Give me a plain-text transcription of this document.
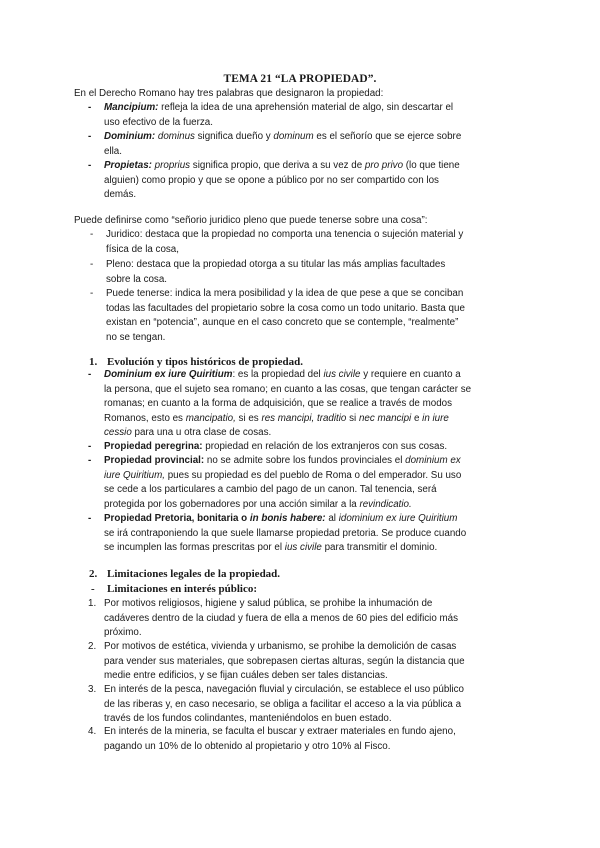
TEMA 21 “LA PROPIEDAD”.
En el Derecho Romano hay tres palabras que designaron la propiedad:
- Mancipium: refleja la idea de una aprehensión material de algo, sin descartar el
uso efectivo de la fuerza.
- Dominium: dominus significa dueño y dominum es el señorío que se ejerce sobre
ella.
- Propietas: proprius significa propio, que deriva a su vez de pro privo (lo que tiene
alguien) como propio y que se opone a público por no ser compartido con los
demás.
Puede definirse como “señorio juridico pleno que puede tenerse sobre una cosa”:
- Juridico: destaca que la propiedad no comporta una tenencia o sujeción material y
física de la cosa,
- Pleno: destaca que la propiedad otorga a su titular las más amplias facultades
sobre la cosa.
- Puede tenerse: indica la mera posibilidad y la idea de que pese a que se conciban
todas las facultades del propietario sobre la cosa como un todo unitario. Basta que
existan en “potencia”, aunque en el caso concreto que se contemple, “realmente”
no se tengan.
1. Evolución y tipos históricos de propiedad.
- Dominium ex iure Quiritium: es la propiedad del ius civile y requiere en cuanto a
la persona, que el sujeto sea romano; en cuanto a las cosas, que tengan carácter se
romanas; en cuanto a la forma de adquisición, que se realice a través de modos
Romanos, esto es mancipatio, si es res mancipi, traditio si nec mancipi e in iure
cessio para una u otra clase de cosas.
- Propiedad peregrina: propiedad en relación de los extranjeros con sus cosas.
- Propiedad provincial: no se admite sobre los fundos provinciales el dominium ex
iure Quiritium, pues su propiedad es del pueblo de Roma o del emperador. Su uso
se cede a los particulares a cambio del pago de un canon. Tal tenencia, será
protegida por los gobernadores por una acción similar a la revindicatio.
- Propiedad Pretoria, bonitaria o in bonis habere: al idominium ex iure Quiritium
se irá contraponiendo la que suele llamarse propiedad pretoria. Se produce cuando
se incumplen las formas prescritas por el ius civile para transmitir el dominio.
2. Limitaciones legales de la propiedad.
- Limitaciones en interés público:
1. Por motivos religiosos, higiene y salud pública, se prohibe la inhumación de
cadáveres dentro de la ciudad y fuera de ella a menos de 60 pies del edificio más
próximo.
2. Por motivos de estética, vivienda y urbanismo, se prohibe la demolición de casas
para vender sus materiales, que sobrepasen ciertas alturas, según la distancia que
medie entre edificios, y se fijan cuáles deben ser tales distancias.
3. En interés de la pesca, navegación fluvial y circulación, se establece el uso público
de las riberas y, en caso necesario, se obliga a facilitar el acceso a la via pública a
través de los fundos colindantes, manteniéndolos en buen estado.
4. En interés de la mineria, se faculta el buscar y extraer materiales en fundo ajeno,
pagando un 10% de lo obtenido al propietario y otro 10% al Fisco.
